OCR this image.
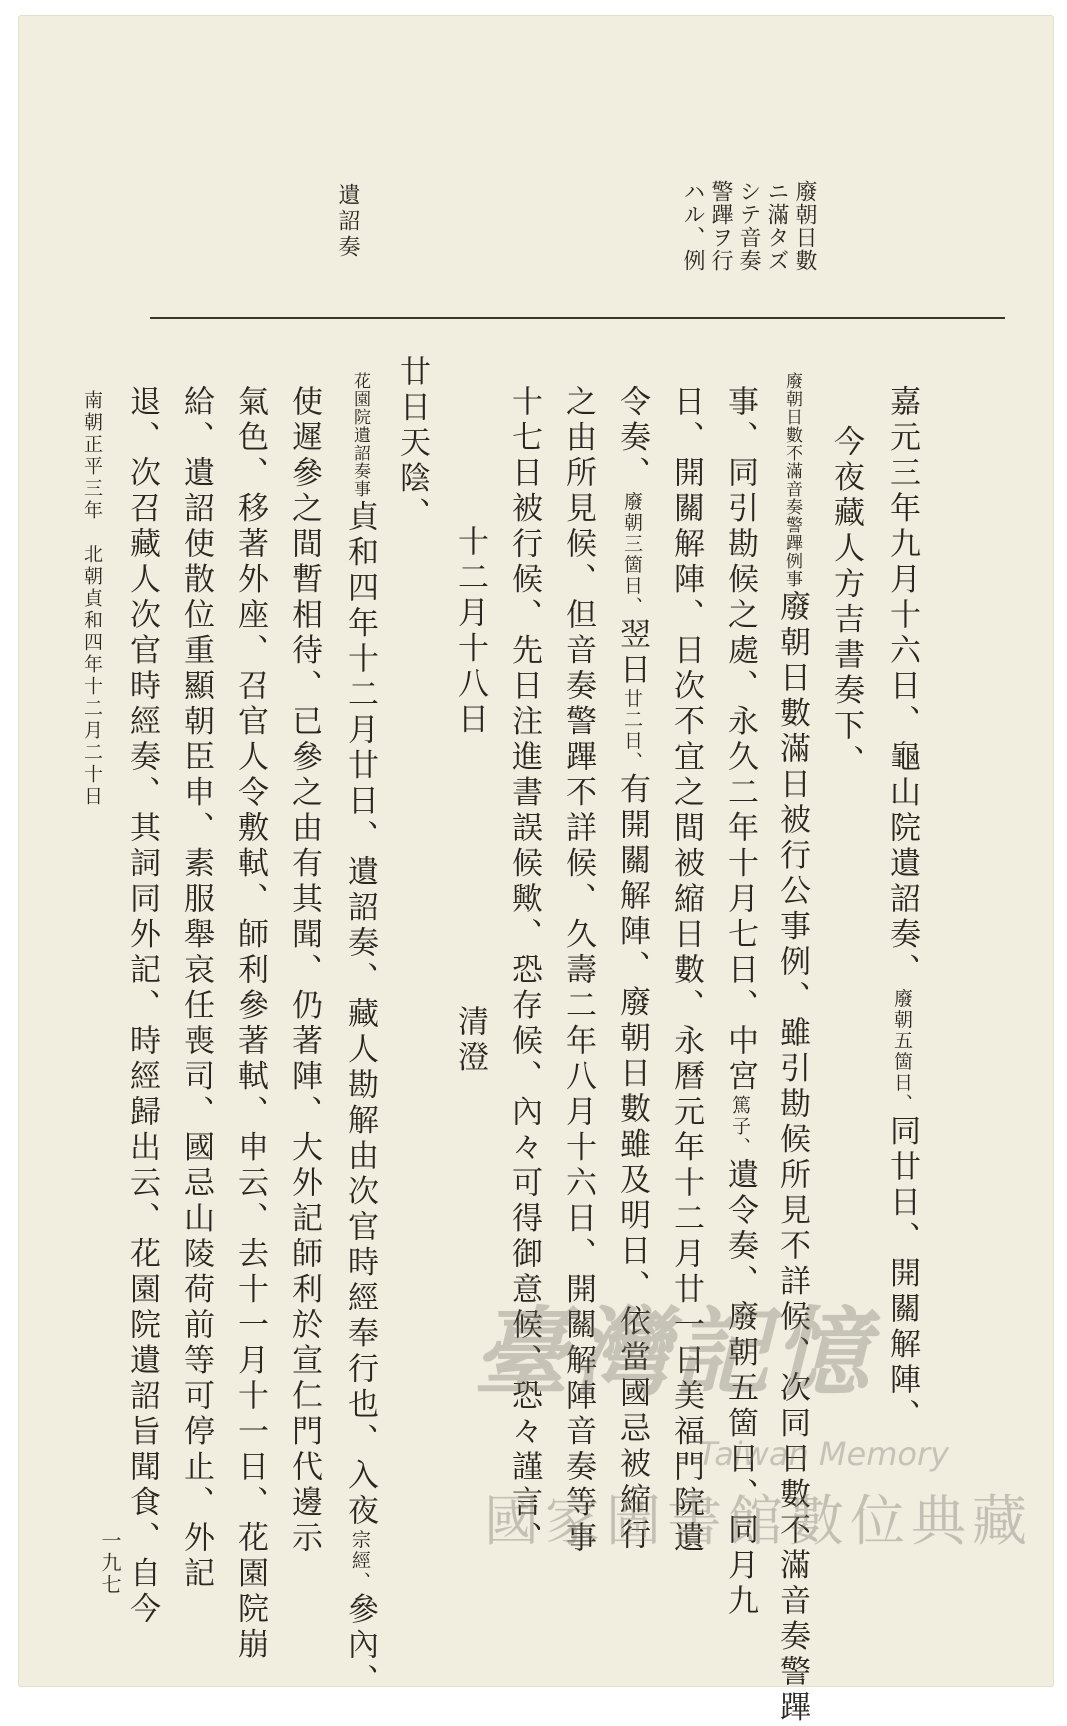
廢朝日數
ニ滿タズ
シテ音奏
警蹕ヲ行
ハル、例
遺詔奏
嘉元三年九月十六日、龜山院遺詔奏、廢朝五箇日、同廿日、開關解陣、
今夜藏人方吉書奏下、
廢朝日數不滿音奏警蹕例事廢朝日數滿日被行公事例、雖引勘候所見不詳候、次同日數不滿音奏警蹕
事、同引勘候之處、永久二年十月七日、中宮篤子、遺令奏、廢朝五箇日、同月九
日、開關解陣、日次不宜之間被縮日數、永曆元年十二月廿一日美福門院遺
令奏、廢朝三箇日、翌日廿二日、有開關解陣、廢朝日數雖及明日、依當國忌被縮行
之由所見候、但音奏警蹕不詳候、久壽二年八月十六日、開關解陣音奏等事
十七日被行候、先日注進書誤候歟、恐存候、內々可得御意候、恐々謹言、
十二月十八日
清澄
廿日天陰、
花園院遺詔奏事貞和四年十二月廿日、遺詔奏、藏人勘解由次官時經奉行也、入夜宗經、參內、
使遲參之間暫相待、已參之由有其聞、仍著陣、大外記師利於宣仁門代邊示
氣色、移著外座、召官人令敷軾、師利參著軾、申云、去十一月十一日、花園院崩
給、遺詔使散位重顯朝臣申、素服舉哀任喪司、國忌山陵荷前等可停止、外記
退、次召藏人次官時經奏、其詞同外記、時經歸出云、花園院遺詔旨聞食、自今
南朝正平三年　北朝貞和四年十二月二十日
一九七
臺灣記憶
Taiwan Memory
國家圖書館數位典藏
